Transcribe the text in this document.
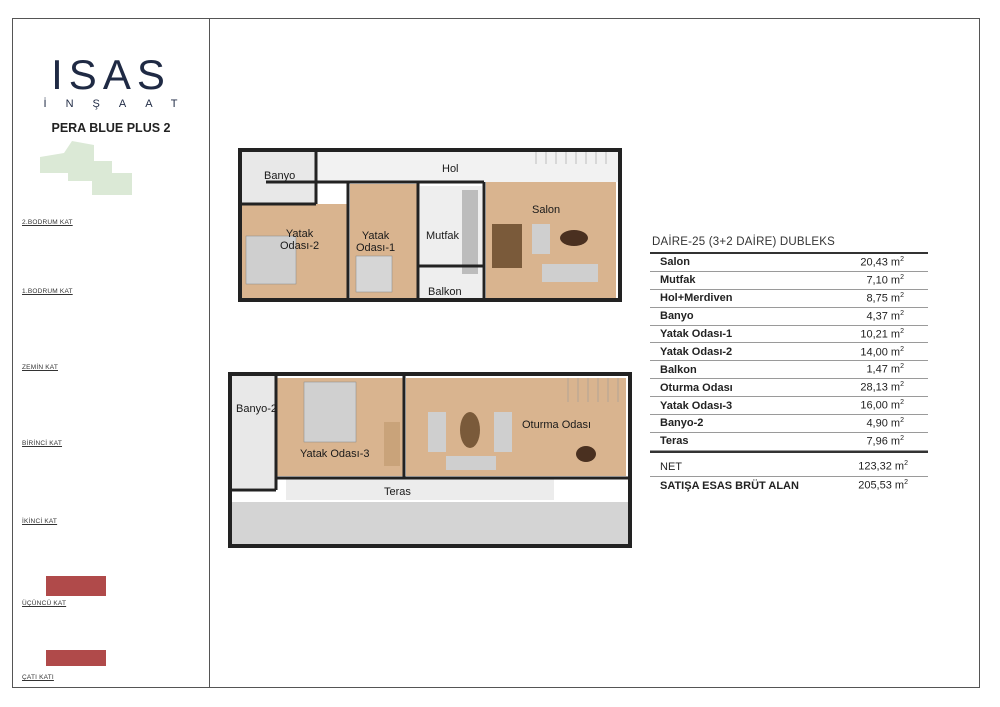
ISAS
İNŞAAT
PERA BLUE PLUS 2
2.BODRUM KAT
1.BODRUM KAT
ZEMİN KAT
BİRİNCİ KAT
İKİNCİ KAT
ÜÇÜNCÜ KAT
ÇATI KATI
Banyo
Hol
Salon
Yatak
Odası-2
Yatak
Odası-1
Mutfak
Balkon
Banyo-2
Yatak Odası-3
Oturma Odası
Teras
DAİRE-25 (3+2 DAİRE) DUBLEKS
Salon	20,43 $m^2$
Mutfak	7,10 $m^2$
Hol+Merdiven	8,75 $m^2$
Banyo	4,37 $m^2$
Yatak Odası-1	10,21 $m^2$
Yatak Odası-2	14,00 $m^2$
Balkon	1,47 $m^2$
Oturma Odası	28,13 $m^2$
Yatak Odası-3	16,00 $m^2$
Banyo-2	4,90 $m^2$
Teras	7,96 $m^2$
NET	123,32 $m^2$
SATIŞA ESAS BRÜT ALAN	205,53 $m^2$
